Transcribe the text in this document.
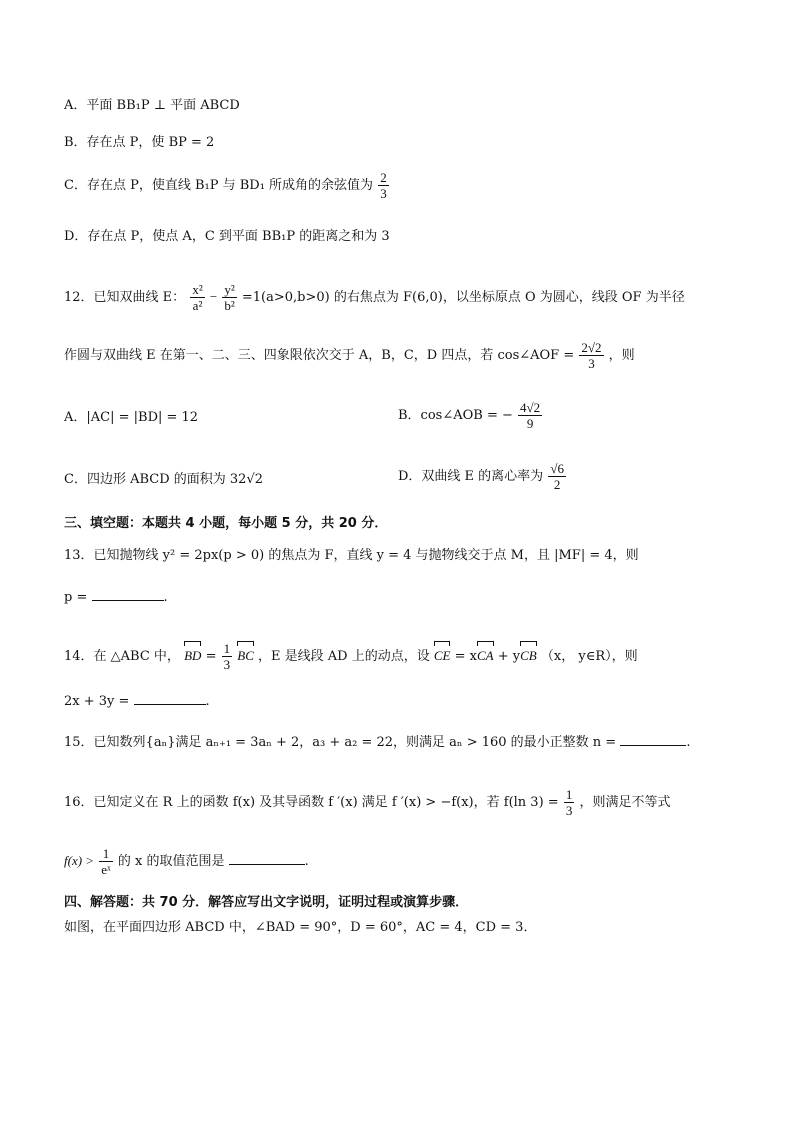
A．平面 BB₁P ⊥ 平面 ABCD
B．存在点 P，使 BP = 2
C．存在点 P，使直线 B₁P 与 BD₁ 所成角的余弦值为 $\frac{2}{3}$
D．存在点 P，使点 A，C 到平面 BB₁P 的距离之和为 3
12．已知双曲线 E： $\frac{\text{x²}}{\text{a²}} - \frac{\text{y²}}{\text{b²}} =1(a>0,b>0)$ 的右焦点为 F(6,0)，以坐标原点 O 为圆心，线段 OF 为半径
作圆与双曲线 E 在第一、二、三、四象限依次交于 A，B，C，D 四点，若 cos∠AOF = $\frac{2√2}{3}$ ，则
A．|AC| = |BD| = 12	B．cos∠AOB = − $\frac{4√2}{9}$
C．四边形 ABCD 的面积为 32√2	D．双曲线 E 的离心率为 $\frac{√6}{2}$
三、填空题：本题共 4 小题，每小题 5 分，共 20 分．
13．已知抛物线 y² = 2px(p > 0) 的焦点为 F，直线 y = 4 与抛物线交于点 M，且 |MF| = 4，则
p =	.
14．在 △ABC 中， BD = $\frac{1}{3}$ BC ，E 是线段 AD 上的动点，设 CE = xCA + yCB （x， y∈R），则
2x + 3y =	.
15．已知数列{aₙ}满足 aₙ₊₁ = 3aₙ + 2，a₃ + a₂ = 22，则满足 aₙ > 160 的最小正整数 n =	.
16．已知定义在 R 上的函数 f(x) 及其导函数 f ′(x) 满足 f ′(x) > −f(x)，若 f(ln $3) = \frac{1}{3}$ ，则满足不等式
$f(x) > \frac{1}{\text{eˣ}}$ 的 x 的取值范围是	.
四、解答题：共 70 分．解答应写出文字说明，证明过程或演算步骤．
如图，在平面四边形 ABCD 中，∠BAD = 90°，D = 60°，AC = 4，CD = 3．
